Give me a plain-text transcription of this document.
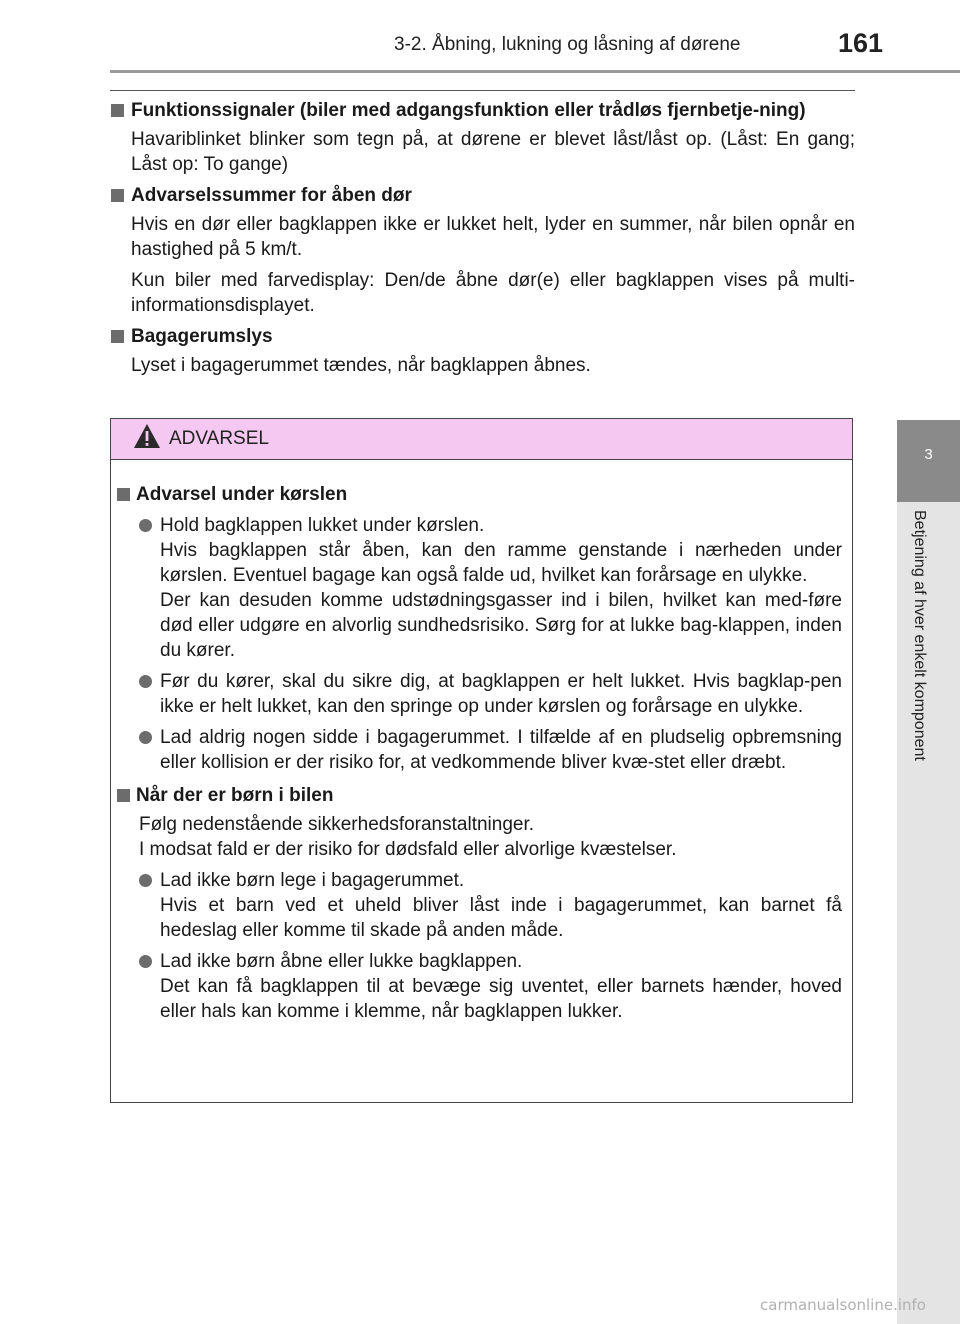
3-2. Åbning, lukning og låsning af dørene	161
3
Betjening af hver enkelt komponent
Funktionssignaler (biler med adgangsfunktion eller trådløs fjernbetje-ning)
Havariblinket blinker som tegn på, at dørene er blevet låst/låst op. (Låst: En gang; Låst op: To gange)
Advarselssummer for åben dør
Hvis en dør eller bagklappen ikke er lukket helt, lyder en summer, når bilen opnår en hastighed på 5 km/t.
Kun biler med farvedisplay: Den/de åbne dør(e) eller bagklappen vises på multi-informationsdisplayet.
Bagagerumslys
Lyset i bagagerummet tændes, når bagklappen åbnes.
ADVARSEL
Advarsel under kørslen
Hold bagklappen lukket under kørslen.
Hvis bagklappen står åben, kan den ramme genstande i nærheden under kørslen. Eventuel bagage kan også falde ud, hvilket kan forårsage en ulykke.
Der kan desuden komme udstødningsgasser ind i bilen, hvilket kan med-føre død eller udgøre en alvorlig sundhedsrisiko. Sørg for at lukke bag-klappen, inden du kører.
Før du kører, skal du sikre dig, at bagklappen er helt lukket. Hvis bagklap-pen ikke er helt lukket, kan den springe op under kørslen og forårsage en ulykke.
Lad aldrig nogen sidde i bagagerummet. I tilfælde af en pludselig opbremsning eller kollision er der risiko for, at vedkommende bliver kvæ-stet eller dræbt.
Når der er børn i bilen
Følg nedenstående sikkerhedsforanstaltninger.
I modsat fald er der risiko for dødsfald eller alvorlige kvæstelser.
Lad ikke børn lege i bagagerummet.
Hvis et barn ved et uheld bliver låst inde i bagagerummet, kan barnet få hedeslag eller komme til skade på anden måde.
Lad ikke børn åbne eller lukke bagklappen.
Det kan få bagklappen til at bevæge sig uventet, eller barnets hænder, hoved eller hals kan komme i klemme, når bagklappen lukker.
carmanualsonline.info
